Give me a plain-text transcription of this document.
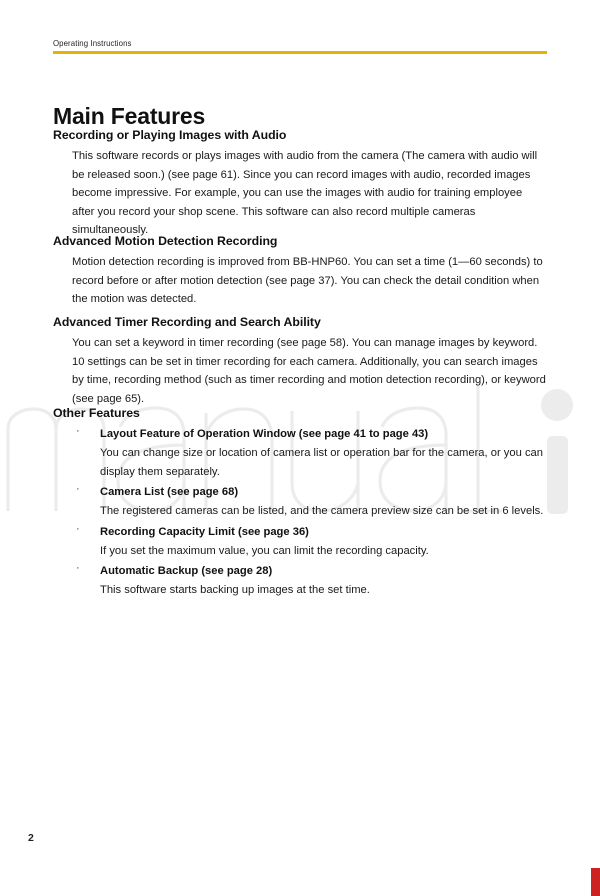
Operating Instructions
Main Features
Recording or Playing Images with Audio
This software records or plays images with audio from the camera (The camera with audio will be released soon.) (see page 61). Since you can record images with audio, recorded images become impressive. For example, you can use the images with audio for training employee after you record your shop scene. This software can also record multiple cameras simultaneously.
Advanced Motion Detection Recording
Motion detection recording is improved from BB-HNP60. You can set a time (1—60 seconds) to record before or after motion detection (see page 37). You can check the detail condition when the motion was detected.
Advanced Timer Recording and Search Ability
You can set a keyword in timer recording (see page 58). You can manage images by keyword. 10 settings can be set in timer recording for each camera. Additionally, you can search images by time, recording method (such as timer recording and motion detection recording), or keyword (see page 65).
Other Features
· Layout Feature of Operation Window (see page 41 to page 43)
You can change size or location of camera list or operation bar for the camera, or you can display them separately.
· Camera List (see page 68)
The registered cameras can be listed, and the camera preview size can be set in 6 levels.
· Recording Capacity Limit (see page 36)
If you set the maximum value, you can limit the recording capacity.
· Automatic Backup (see page 28)
This software starts backing up images at the set time.
2
